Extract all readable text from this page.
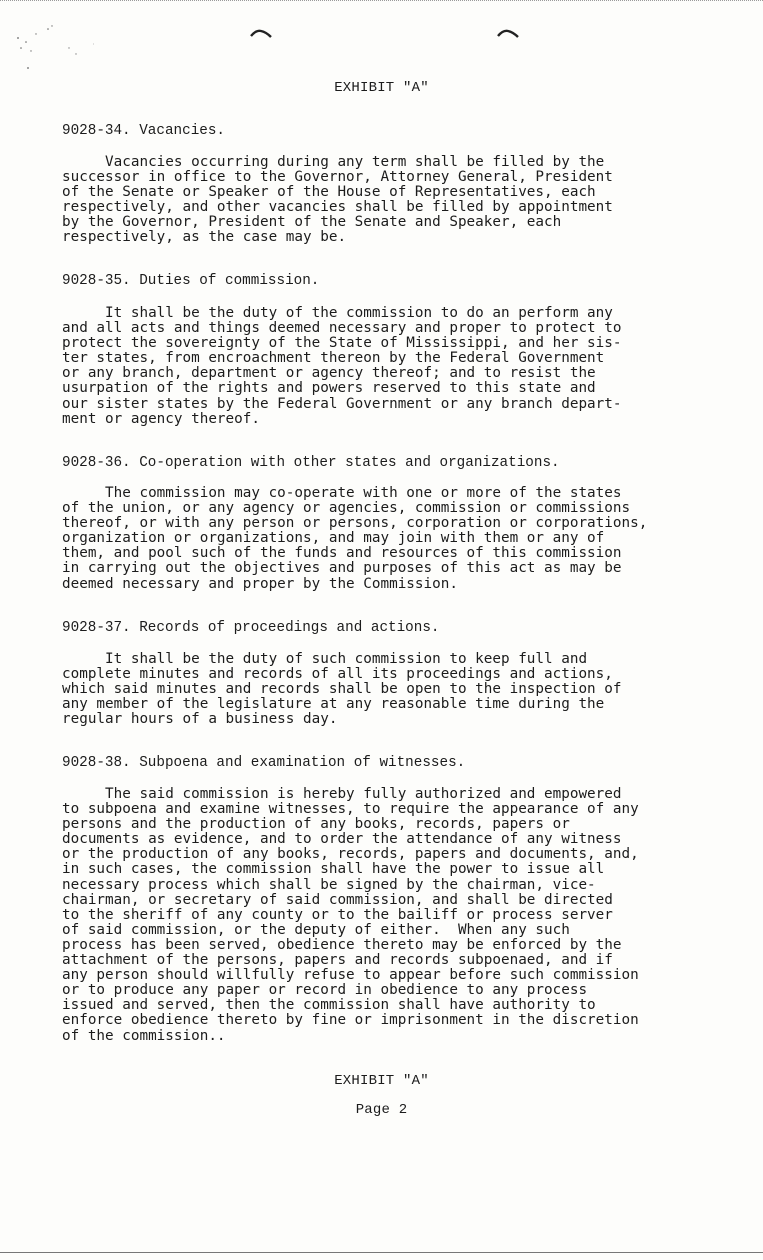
EXHIBIT "A"
9028-34. Vacancies.
Vacancies occurring during any term shall be filled by the
successor in office to the Governor, Attorney General, President
of the Senate or Speaker of the House of Representatives, each
respectively, and other vacancies shall be filled by appointment
by the Governor, President of the Senate and Speaker, each
respectively, as the case may be.
9028-35. Duties of commission.
It shall be the duty of the commission to do an perform any
and all acts and things deemed necessary and proper to protect to
protect the sovereignty of the State of Mississippi, and her sis-
ter states, from encroachment thereon by the Federal Government
or any branch, department or agency thereof; and to resist the
usurpation of the rights and powers reserved to this state and
our sister states by the Federal Government or any branch depart-
ment or agency thereof.
9028-36. Co-operation with other states and organizations.
The commission may co-operate with one or more of the states
of the union, or any agency or agencies, commission or commissions
thereof, or with any person or persons, corporation or corporations,
organization or organizations, and may join with them or any of
them, and pool such of the funds and resources of this commission
in carrying out the objectives and purposes of this act as may be
deemed necessary and proper by the Commission.
9028-37. Records of proceedings and actions.
It shall be the duty of such commission to keep full and
complete minutes and records of all its proceedings and actions,
which said minutes and records shall be open to the inspection of
any member of the legislature at any reasonable time during the
regular hours of a business day.
9028-38. Subpoena and examination of witnesses.
The said commission is hereby fully authorized and empowered
to subpoena and examine witnesses, to require the appearance of any
persons and the production of any books, records, papers or
documents as evidence, and to order the attendance of any witness
or the production of any books, records, papers and documents, and,
in such cases, the commission shall have the power to issue all
necessary process which shall be signed by the chairman, vice-
chairman, or secretary of said commission, and shall be directed
to the sheriff of any county or to the bailiff or process server
of said commission, or the deputy of either.  When any such
process has been served, obedience thereto may be enforced by the
attachment of the persons, papers and records subpoenaed, and if
any person should willfully refuse to appear before such commission
or to produce any paper or record in obedience to any process
issued and served, then the commission shall have authority to
enforce obedience thereto by fine or imprisonment in the discretion
of the commission..
EXHIBIT "A"
Page 2
